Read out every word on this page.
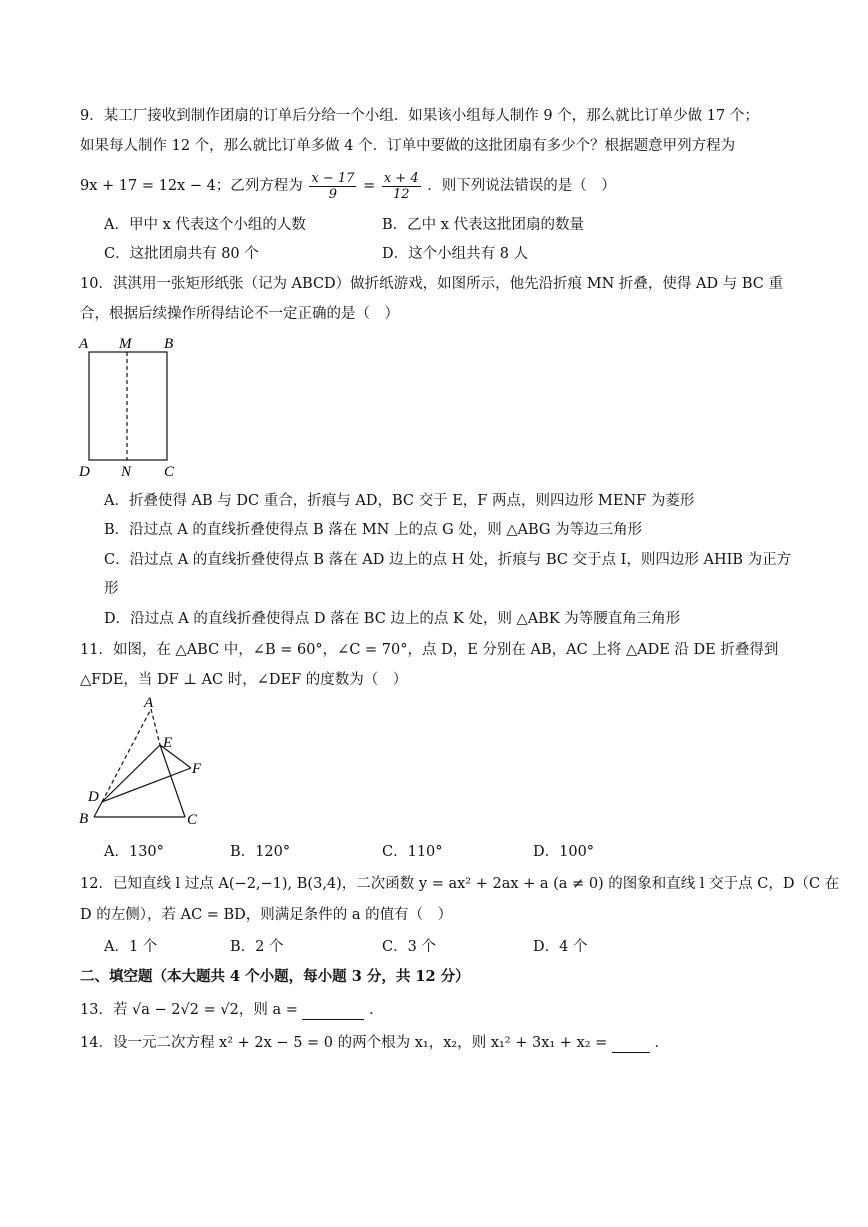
9．某工厂接收到制作团扇的订单后分给一个小组．如果该小组每人制作 9 个，那么就比订单少做 17 个；
如果每人制作 12 个，那么就比订单多做 4 个．订单中要做的这批团扇有多少个？根据题意甲列方程为
9x + 17 = 12x − 4；乙列方程为 $\frac{x - 17}{9} = \frac{x + 4}{12}$ ．则下列说法错误的是（　）
A．甲中 x 代表这个小组的人数	B．乙中 x 代表这批团扇的数量
C．这批团扇共有 80 个	D．这个小组共有 8 人
10．淇淇用一张矩形纸张（记为 ABCD）做折纸游戏，如图所示，他先沿折痕 MN 折叠，使得 AD 与 BC 重
合，根据后续操作所得结论不一定正确的是（　）
A M B
D N C
A．折叠使得 AB 与 DC 重合，折痕与 AD，BC 交于 E，F 两点，则四边形 MENF 为菱形
B．沿过点 A 的直线折叠使得点 B 落在 MN 上的点 G 处，则 △ABG 为等边三角形
C．沿过点 A 的直线折叠使得点 B 落在 AD 边上的点 H 处，折痕与 BC 交于点 I，则四边形 AHIB 为正方
形
D．沿过点 A 的直线折叠使得点 D 落在 BC 边上的点 K 处，则 △ABK 为等腰直角三角形
11．如图，在 △ABC 中，∠B = 60°，∠C = 70°，点 D，E 分别在 AB，AC 上将 △ADE 沿 DE 折叠得到
△FDE，当 DF ⊥ AC 时，∠DEF 的度数为（　）
A
E
F
D
B	C
A．130°	B．120°	C．110°	D．100°
12．已知直线 l 过点 A(−2,−1), B(3,4)，二次函数 y = ax² + 2ax + a (a ≠ 0) 的图象和直线 l 交于点 C，D（C 在
D 的左侧），若 AC = BD，则满足条件的 a 的值有（　）
A．1 个	B．2 个	C．3 个	D．4 个
二、填空题（本大题共 4 个小题，每小题 3 分，共 12 分）
13．若 √a − 2√2 = √2，则 a =	．
14．设一元二次方程 x² + 2x − 5 = 0 的两个根为 x₁，x₂，则 x₁² + 3x₁ + x₂ =	．
